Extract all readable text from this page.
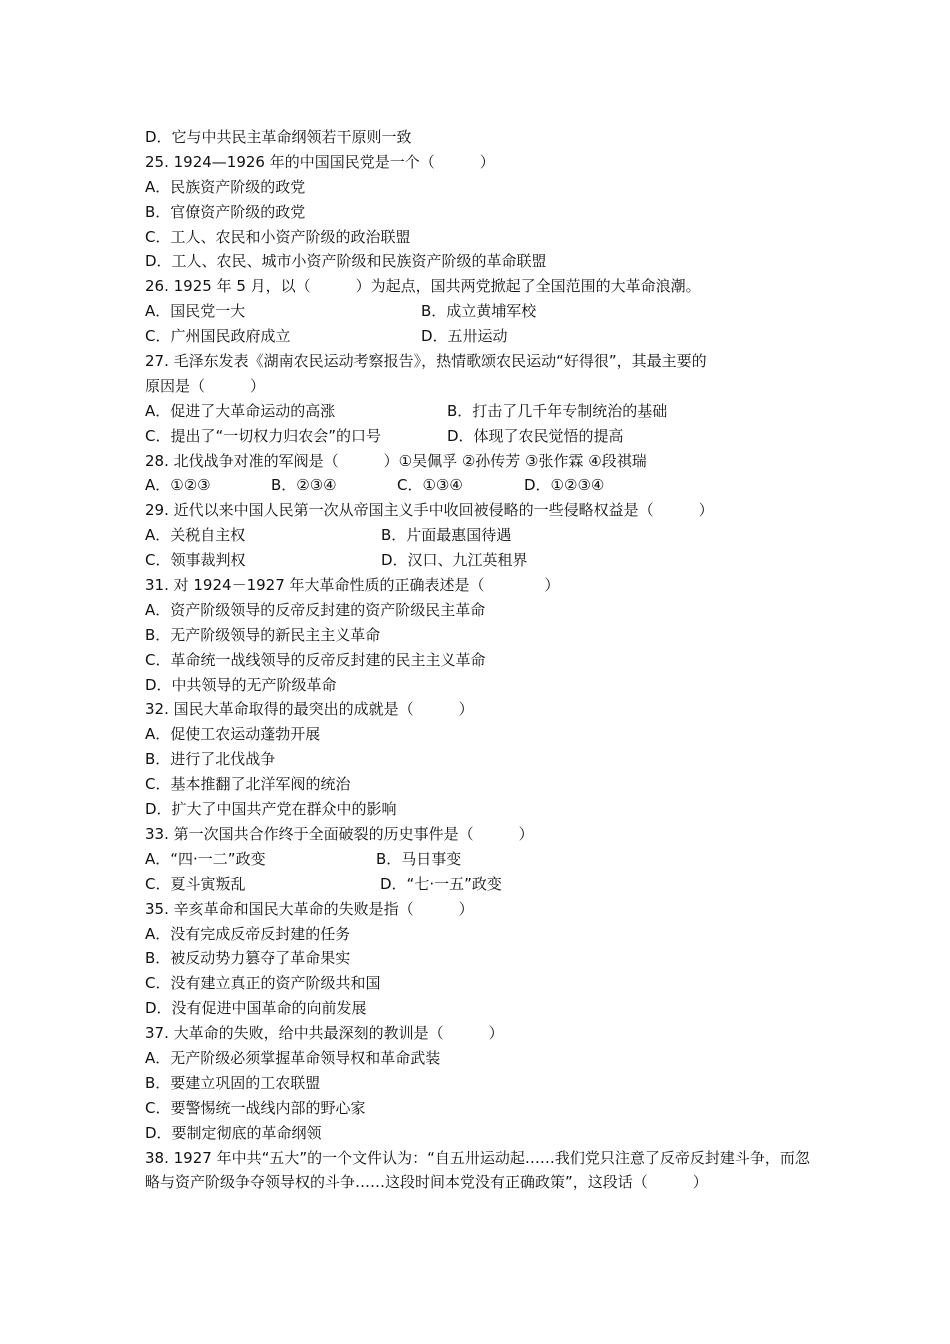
D．它与中共民主革命纲领若干原则一致
25. 1924—1926 年的中国国民党是一个（　　　）
A．民族资产阶级的政党
B．官僚资产阶级的政党
C．工人、农民和小资产阶级的政治联盟
D．工人、农民、城市小资产阶级和民族资产阶级的革命联盟
26. 1925 年 5 月，以（　　　）为起点，国共两党掀起了全国范围的大革命浪潮。
A．国民党一大	B．成立黄埔军校
C．广州国民政府成立	D．五卅运动
27. 毛泽东发表《湖南农民运动考察报告》，热情歌颂农民运动“好得很”，其最主要的
原因是（　　　）
A．促进了大革命运动的高涨	B．打击了几千年专制统治的基础
C．提出了“一切权力归农会”的口号	D．体现了农民觉悟的提高
28. 北伐战争对准的军阀是（　　　）①吴佩孚 ②孙传芳 ③张作霖 ④段祺瑞
A．①②③	B．②③④	C．①③④	D．①②③④
29. 近代以来中国人民第一次从帝国主义手中收回被侵略的一些侵略权益是（　　　）
A．关税自主权	B．片面最惠国待遇
C．领事裁判权	D．汉口、九江英租界
31. 对 1924－1927 年大革命性质的正确表述是（　　　　）
A．资产阶级领导的反帝反封建的资产阶级民主革命
B．无产阶级领导的新民主主义革命
C．革命统一战线领导的反帝反封建的民主主义革命
D．中共领导的无产阶级革命
32. 国民大革命取得的最突出的成就是（　　　）
A．促使工农运动蓬勃开展
B．进行了北伐战争
C．基本推翻了北洋军阀的统治
D．扩大了中国共产党在群众中的影响
33. 第一次国共合作终于全面破裂的历史事件是（　　　）
A．“四·一二”政变	B．马日事变
C．夏斗寅叛乱	D．“七·一五”政变
35. 辛亥革命和国民大革命的失败是指（　　　）
A．没有完成反帝反封建的任务
B．被反动势力篡夺了革命果实
C．没有建立真正的资产阶级共和国
D．没有促进中国革命的向前发展
37. 大革命的失败，给中共最深刻的教训是（　　　）
A．无产阶级必须掌握革命领导权和革命武装
B．要建立巩固的工农联盟
C．要警惕统一战线内部的野心家
D．要制定彻底的革命纲领
38. 1927 年中共“五大”的一个文件认为：“自五卅运动起……我们党只注意了反帝反封建斗争，而忽略与资产阶级争夺领导权的斗争……这段时间本党没有正确政策”，这段话（　　　）
